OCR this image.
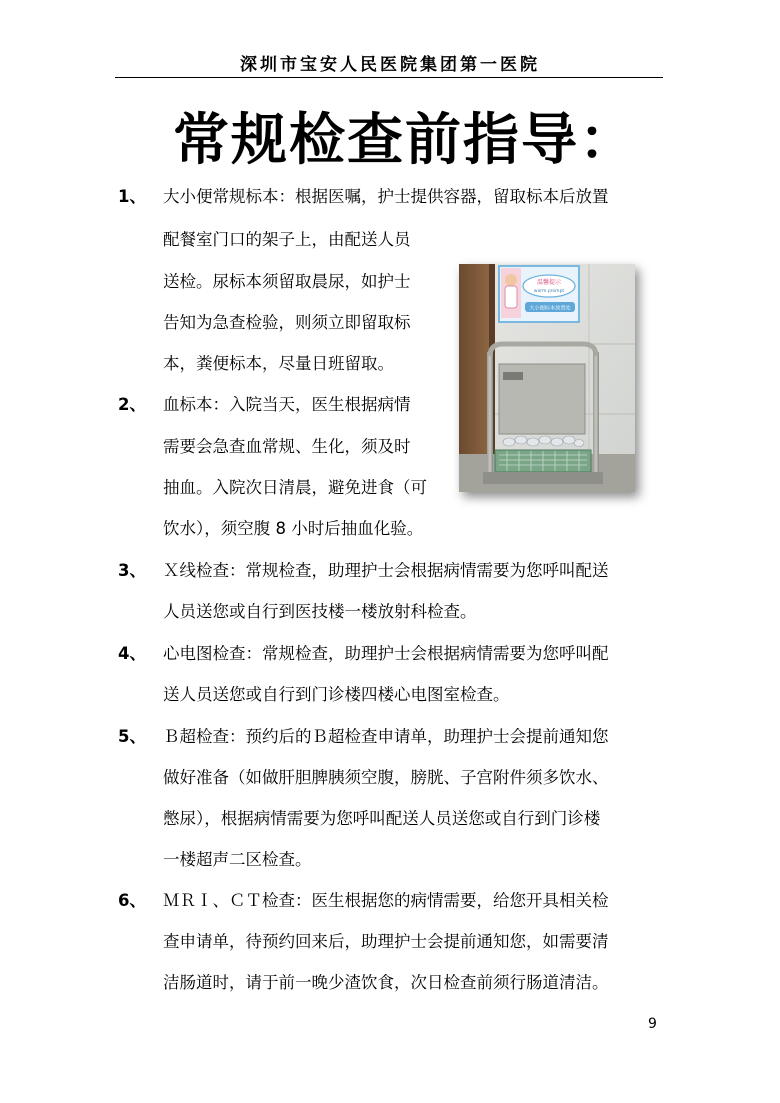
深圳市宝安人民医院集团第一医院
常规检查前指导：
1、 大小便常规标本：根据医嘱，护士提供容器，留取标本后放置
配餐室门口的架子上，由配送人员
送检。尿标本须留取晨尿，如护士
告知为急查检验，则须立即留取标
本，粪便标本，尽量日班留取。
2、 血标本：入院当天，医生根据病情
需要会急查血常规、生化，须及时
抽血。入院次日清晨，避免进食（可
饮水），须空腹 8 小时后抽血化验。
3、 Ｘ线检查：常规检查，助理护士会根据病情需要为您呼叫配送
人员送您或自行到医技楼一楼放射科检查。
4、 心电图检查：常规检查，助理护士会根据病情需要为您呼叫配
送人员送您或自行到门诊楼四楼心电图室检查。
5、 Ｂ超检查：预约后的Ｂ超检查申请单，助理护士会提前通知您
做好准备（如做肝胆脾胰须空腹，膀胱、子宫附件须多饮水、
憋尿），根据病情需要为您呼叫配送人员送您或自行到门诊楼
一楼超声二区检查。
6、 ＭＲＩ、ＣＴ检查：医生根据您的病情需要，给您开具相关检
查申请单，待预约回来后，助理护士会提前通知您，如需要清
洁肠道时，请于前一晚少渣饮食，次日检查前须行肠道清洁。
温馨提示
warm prompt
大小便标本放置处
9
